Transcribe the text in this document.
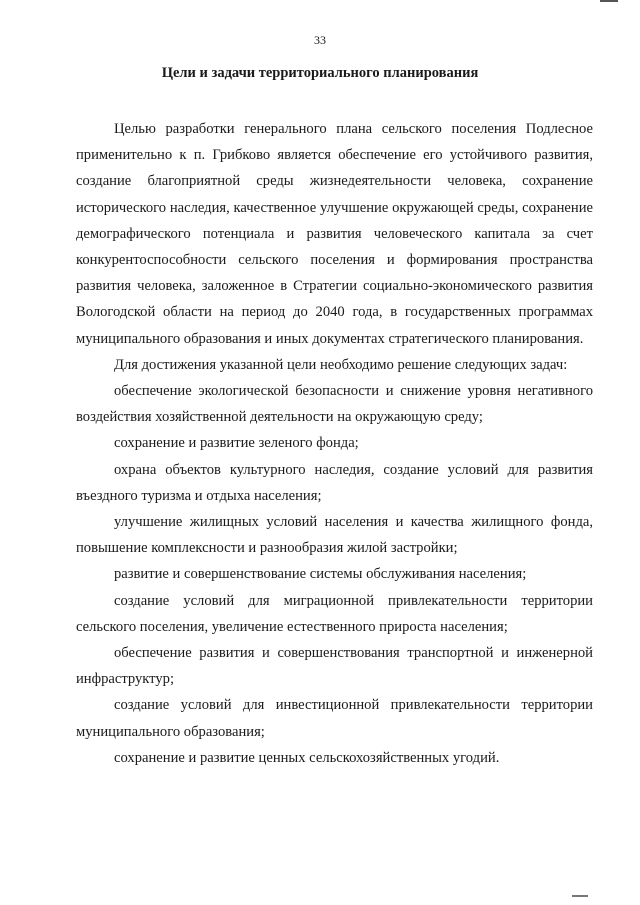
33
Цели и задачи территориального планирования

Целью разработки генерального плана сельского поселения Подлесное применительно к п. Грибково является обеспечение его устойчивого развития, создание благоприятной среды жизнедеятельности человека, сохранение исторического наследия, качественное улучшение окружающей среды, сохранение демографического потенциала и развития человеческого капитала за счет конкурентоспособности сельского поселения и формирования пространства развития человека, заложенное в Стратегии социально-экономического развития Вологодской области на период до 2040 года, в государственных программах муниципального образования и иных документах стратегического планирования.

Для достижения указанной цели необходимо решение следующих задач:

обеспечение экологической безопасности и снижение уровня негативного воздействия хозяйственной деятельности на окружающую среду;

сохранение и развитие зеленого фонда;

охрана объектов культурного наследия, создание условий для развития въездного туризма и отдыха населения;

улучшение жилищных условий населения и качества жилищного фонда, повышение комплексности и разнообразия жилой застройки;

развитие и совершенствование системы обслуживания населения;

создание условий для миграционной привлекательности территории сельского поселения, увеличение естественного прироста населения;

обеспечение развития и совершенствования транспортной и инженерной инфраструктур;

создание условий для инвестиционной привлекательности территории муниципального образования;

сохранение и развитие ценных сельскохозяйственных угодий.
